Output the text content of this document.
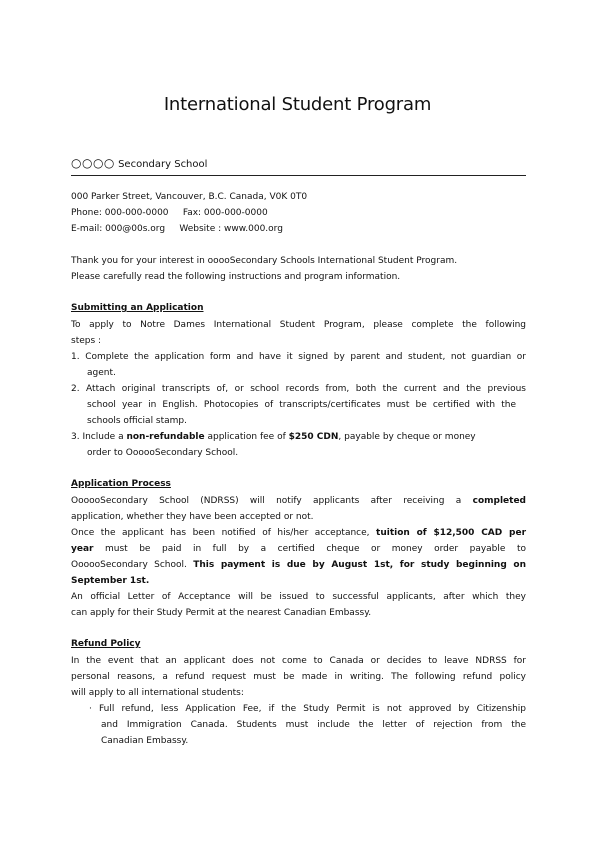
International Student Program
○○○○ Secondary School
000 Parker Street, Vancouver, B.C. Canada, V0K 0T0
Phone: 000-000-0000 Fax: 000-000-0000
E-mail: 000@00s.org Website : www.000.org
Thank you for your interest in ooooSecondary Schools International Student Program.
Please carefully read the following instructions and program information.
Submitting an Application
To apply to Notre Dames International Student Program, please complete the following
steps :
1. Complete the application form and have it signed by parent and student, not guardian or
agent.
2. Attach original transcripts of, or school records from, both the current and the previous
school year in English. Photocopies of transcripts/certificates must be certified with the
schools official stamp.
3. Include a non-refundable application fee of $250 CDN, payable by cheque or money
order to OooooSecondary School.
Application Process
OooooSecondary School (NDRSS) will notify applicants after receiving a completed
application, whether they have been accepted or not.
Once the applicant has been notified of his/her acceptance, tuition of $12,500 CAD per
year must be paid in full by a certified cheque or money order payable to
OooooSecondary School. This payment is due by August 1st, for study beginning on
September 1st.
An official Letter of Acceptance will be issued to successful applicants, after which they
can apply for their Study Permit at the nearest Canadian Embassy.
Refund Policy
In the event that an applicant does not come to Canada or decides to leave NDRSS for
personal reasons, a refund request must be made in writing. The following refund policy
will apply to all international students:
· Full refund, less Application Fee, if the Study Permit is not approved by Citizenship
and Immigration Canada. Students must include the letter of rejection from the
Canadian Embassy.
